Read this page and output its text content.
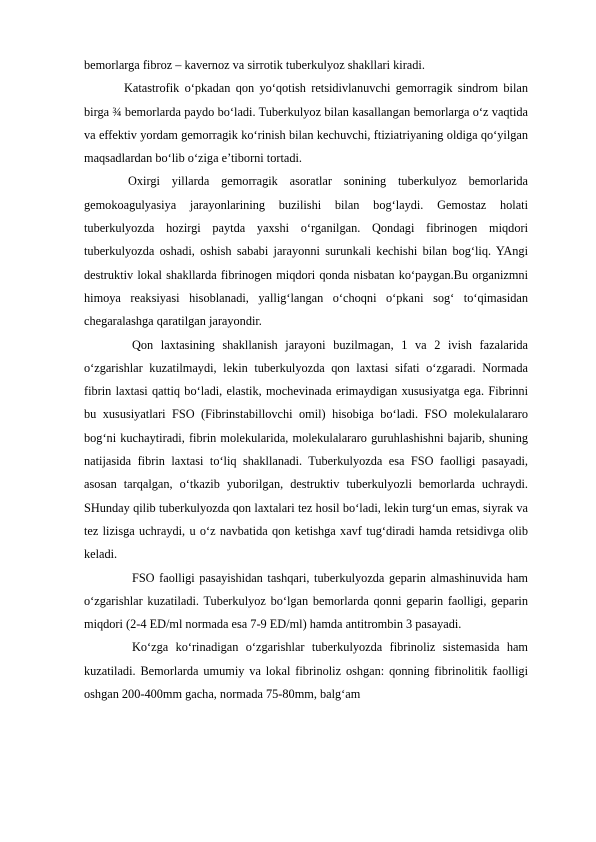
bemorlarga fibroz – kavernoz va sirrotik tuberkulyoz shakllari kiradi.

Katastrofik o‘pkadan qon yo‘qotish retsidivlanuvchi gemorragik sindrom bilan birga ¾ bemorlarda paydo bo‘ladi. Tuberkulyoz bilan kasallangan bemorlarga o‘z vaqtida va effektiv yordam gemorragik ko‘rinish bilan kechuvchi, ftiziatriyaning oldiga qo‘yilgan maqsadlardan bo‘lib o‘ziga e’tiborni tortadi.

Oxirgi yillarda gemorragik asoratlar sonining tuberkulyoz bemorlarida gemokoagulyasiya jarayonlarining buzilishi bilan bog‘laydi. Gemostaz holati tuberkulyozda hozirgi paytda yaxshi o‘rganilgan. Qondagi fibrinogen miqdori tuberkulyozda oshadi, oshish sababi jarayonni surunkali kechishi bilan bog‘liq. YAngi destruktiv lokal shakllarda fibrinogen miqdori qonda nisbatan ko‘paygan.Bu organizmni himoya reaksiyasi hisoblanadi, yallig‘langan o‘choqni o‘pkani sog‘ to‘qimasidan chegaralashga qaratilgan jarayondir.

Qon laxtasining shakllanish jarayoni buzilmagan, 1 va 2 ivish fazalarida o‘zgarishlar kuzatilmaydi, lekin tuberkulyozda qon laxtasi sifati o‘zgaradi. Normada fibrin laxtasi qattiq bo‘ladi, elastik, mochevinada erimaydigan xususiyatga ega. Fibrinni bu xususiyatlari FSO (Fibrinstabillovchi omil) hisobiga bo‘ladi. FSO molekulalararo bog‘ni kuchaytiradi, fibrin molekularida, molekulalararo guruhlashishni bajarib, shuning natijasida fibrin laxtasi to‘liq shakllanadi. Tuberkulyozda esa FSO faolligi pasayadi, asosan tarqalgan, o‘tkazib yuborilgan, destruktiv tuberkulyozli bemorlarda uchraydi. SHunday qilib tuberkulyozda qon laxtalari tez hosil bo‘ladi, lekin turg‘un emas, siyrak va tez lizisga uchraydi, u o‘z navbatida qon ketishga xavf tug‘diradi hamda retsidivga olib keladi.

FSO faolligi pasayishidan tashqari, tuberkulyozda geparin almashinuvida ham o‘zgarishlar kuzatiladi. Tuberkulyoz bo‘lgan bemorlarda qonni geparin faolligi, geparin miqdori (2-4 ED/ml normada esa 7-9 ED/ml) hamda antitrombin 3 pasayadi.

Ko‘zga ko‘rinadigan o‘zgarishlar tuberkulyozda fibrinoliz sistemasida ham kuzatiladi. Bemorlarda umumiy va lokal fibrinoliz oshgan: qonning fibrinolitik faolligi oshgan 200-400mm gacha, normada 75-80mm, balg‘am
